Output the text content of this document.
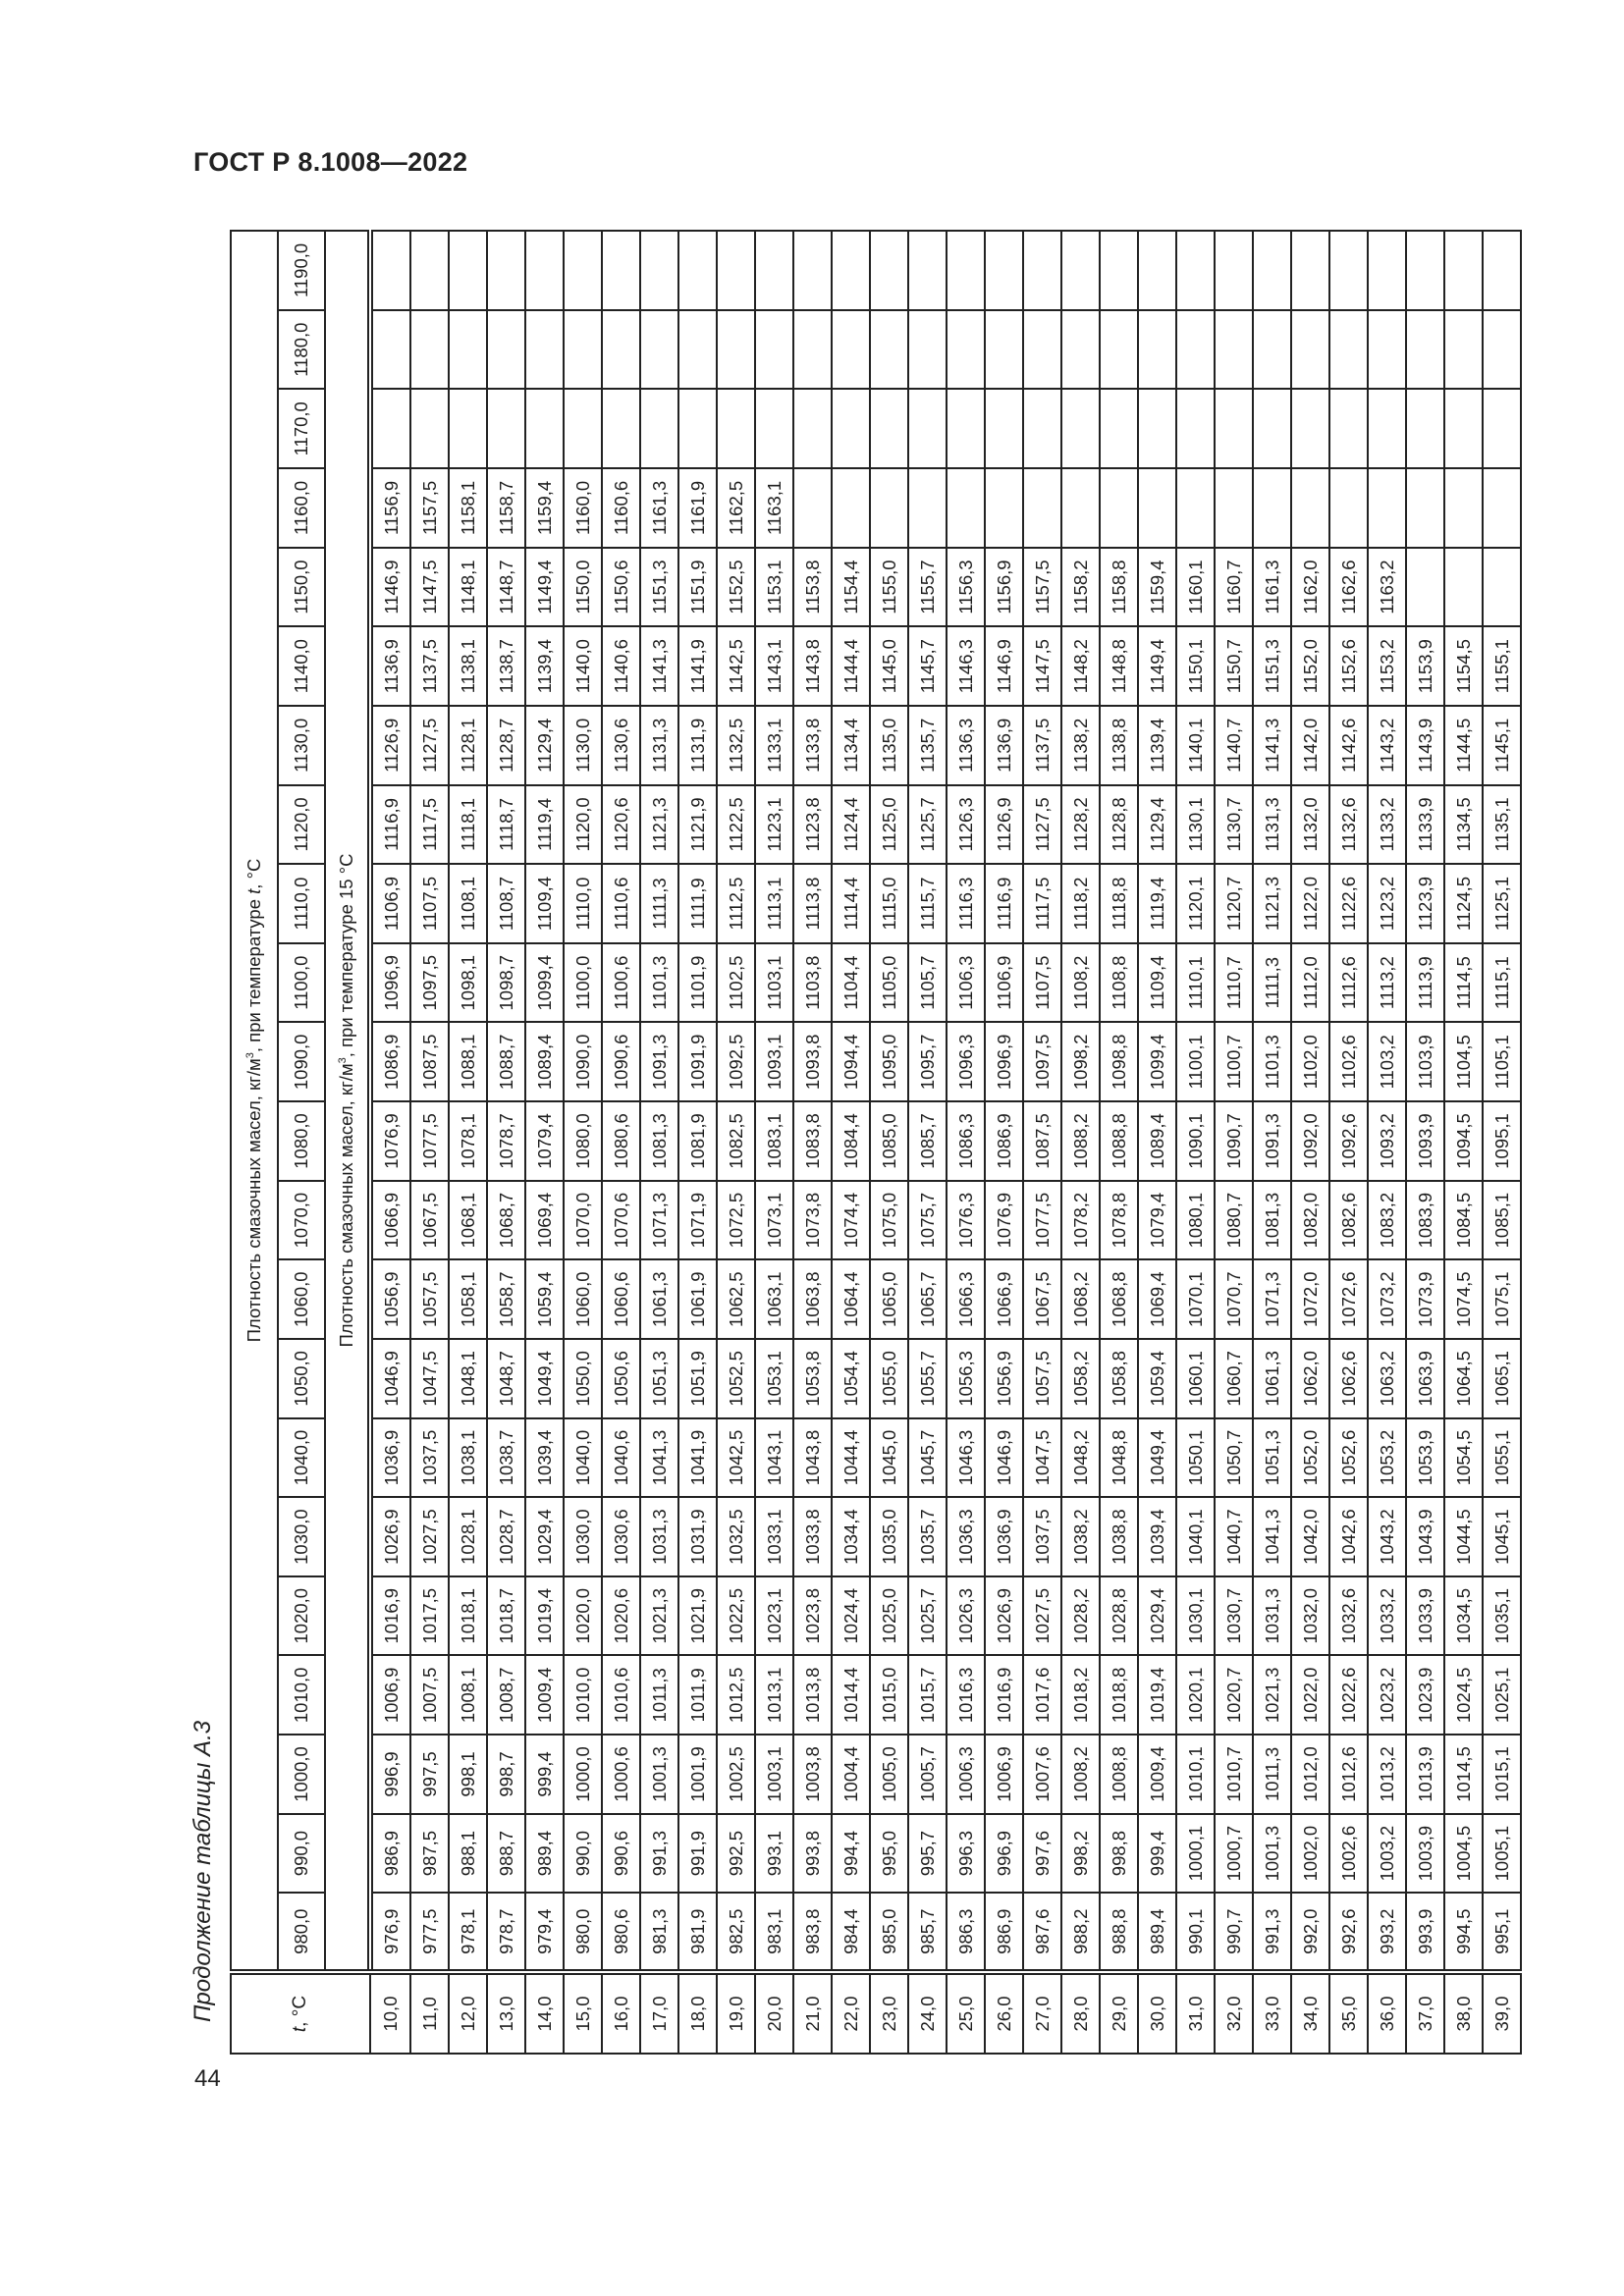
ГОСТ Р 8.1008—2022
Продолжение таблицы А.3
44
t, °C	Плотность смазочных масел, $кг/м^3$, при температуре t, °C																					
	980,0	990,0	1000,0	1010,0	1020,0	1030,0	1040,0	1050,0	1060,0	1070,0	1080,0	1090,0	1100,0	1110,0	1120,0	1130,0	1140,0	1150,0	1160,0	1170,0	1180,0	1190,0
	Плотность смазочных масел, $кг/м^3$, при температуре 15 °C																					
10,0	976,9	986,9	996,9	1006,9	1016,9	1026,9	1036,9	1046,9	1056,9	1066,9	1076,9	1086,9	1096,9	1106,9	1116,9	1126,9	1136,9	1146,9	1156,9			
11,0	977,5	987,5	997,5	1007,5	1017,5	1027,5	1037,5	1047,5	1057,5	1067,5	1077,5	1087,5	1097,5	1107,5	1117,5	1127,5	1137,5	1147,5	1157,5			
12,0	978,1	988,1	998,1	1008,1	1018,1	1028,1	1038,1	1048,1	1058,1	1068,1	1078,1	1088,1	1098,1	1108,1	1118,1	1128,1	1138,1	1148,1	1158,1			
13,0	978,7	988,7	998,7	1008,7	1018,7	1028,7	1038,7	1048,7	1058,7	1068,7	1078,7	1088,7	1098,7	1108,7	1118,7	1128,7	1138,7	1148,7	1158,7			
14,0	979,4	989,4	999,4	1009,4	1019,4	1029,4	1039,4	1049,4	1059,4	1069,4	1079,4	1089,4	1099,4	1109,4	1119,4	1129,4	1139,4	1149,4	1159,4			
15,0	980,0	990,0	1000,0	1010,0	1020,0	1030,0	1040,0	1050,0	1060,0	1070,0	1080,0	1090,0	1100,0	1110,0	1120,0	1130,0	1140,0	1150,0	1160,0			
16,0	980,6	990,6	1000,6	1010,6	1020,6	1030,6	1040,6	1050,6	1060,6	1070,6	1080,6	1090,6	1100,6	1110,6	1120,6	1130,6	1140,6	1150,6	1160,6			
17,0	981,3	991,3	1001,3	1011,3	1021,3	1031,3	1041,3	1051,3	1061,3	1071,3	1081,3	1091,3	1101,3	1111,3	1121,3	1131,3	1141,3	1151,3	1161,3			
18,0	981,9	991,9	1001,9	1011,9	1021,9	1031,9	1041,9	1051,9	1061,9	1071,9	1081,9	1091,9	1101,9	1111,9	1121,9	1131,9	1141,9	1151,9	1161,9			
19,0	982,5	992,5	1002,5	1012,5	1022,5	1032,5	1042,5	1052,5	1062,5	1072,5	1082,5	1092,5	1102,5	1112,5	1122,5	1132,5	1142,5	1152,5	1162,5			
20,0	983,1	993,1	1003,1	1013,1	1023,1	1033,1	1043,1	1053,1	1063,1	1073,1	1083,1	1093,1	1103,1	1113,1	1123,1	1133,1	1143,1	1153,1	1163,1			
21,0	983,8	993,8	1003,8	1013,8	1023,8	1033,8	1043,8	1053,8	1063,8	1073,8	1083,8	1093,8	1103,8	1113,8	1123,8	1133,8	1143,8	1153,8				
22,0	984,4	994,4	1004,4	1014,4	1024,4	1034,4	1044,4	1054,4	1064,4	1074,4	1084,4	1094,4	1104,4	1114,4	1124,4	1134,4	1144,4	1154,4				
23,0	985,0	995,0	1005,0	1015,0	1025,0	1035,0	1045,0	1055,0	1065,0	1075,0	1085,0	1095,0	1105,0	1115,0	1125,0	1135,0	1145,0	1155,0				
24,0	985,7	995,7	1005,7	1015,7	1025,7	1035,7	1045,7	1055,7	1065,7	1075,7	1085,7	1095,7	1105,7	1115,7	1125,7	1135,7	1145,7	1155,7				
25,0	986,3	996,3	1006,3	1016,3	1026,3	1036,3	1046,3	1056,3	1066,3	1076,3	1086,3	1096,3	1106,3	1116,3	1126,3	1136,3	1146,3	1156,3				
26,0	986,9	996,9	1006,9	1016,9	1026,9	1036,9	1046,9	1056,9	1066,9	1076,9	1086,9	1096,9	1106,9	1116,9	1126,9	1136,9	1146,9	1156,9				
27,0	987,6	997,6	1007,6	1017,6	1027,5	1037,5	1047,5	1057,5	1067,5	1077,5	1087,5	1097,5	1107,5	1117,5	1127,5	1137,5	1147,5	1157,5				
28,0	988,2	998,2	1008,2	1018,2	1028,2	1038,2	1048,2	1058,2	1068,2	1078,2	1088,2	1098,2	1108,2	1118,2	1128,2	1138,2	1148,2	1158,2				
29,0	988,8	998,8	1008,8	1018,8	1028,8	1038,8	1048,8	1058,8	1068,8	1078,8	1088,8	1098,8	1108,8	1118,8	1128,8	1138,8	1148,8	1158,8				
30,0	989,4	999,4	1009,4	1019,4	1029,4	1039,4	1049,4	1059,4	1069,4	1079,4	1089,4	1099,4	1109,4	1119,4	1129,4	1139,4	1149,4	1159,4				
31,0	990,1	1000,1	1010,1	1020,1	1030,1	1040,1	1050,1	1060,1	1070,1	1080,1	1090,1	1100,1	1110,1	1120,1	1130,1	1140,1	1150,1	1160,1				
32,0	990,7	1000,7	1010,7	1020,7	1030,7	1040,7	1050,7	1060,7	1070,7	1080,7	1090,7	1100,7	1110,7	1120,7	1130,7	1140,7	1150,7	1160,7				
33,0	991,3	1001,3	1011,3	1021,3	1031,3	1041,3	1051,3	1061,3	1071,3	1081,3	1091,3	1101,3	1111,3	1121,3	1131,3	1141,3	1151,3	1161,3				
34,0	992,0	1002,0	1012,0	1022,0	1032,0	1042,0	1052,0	1062,0	1072,0	1082,0	1092,0	1102,0	1112,0	1122,0	1132,0	1142,0	1152,0	1162,0				
35,0	992,6	1002,6	1012,6	1022,6	1032,6	1042,6	1052,6	1062,6	1072,6	1082,6	1092,6	1102,6	1112,6	1122,6	1132,6	1142,6	1152,6	1162,6				
36,0	993,2	1003,2	1013,2	1023,2	1033,2	1043,2	1053,2	1063,2	1073,2	1083,2	1093,2	1103,2	1113,2	1123,2	1133,2	1143,2	1153,2	1163,2				
37,0	993,9	1003,9	1013,9	1023,9	1033,9	1043,9	1053,9	1063,9	1073,9	1083,9	1093,9	1103,9	1113,9	1123,9	1133,9	1143,9	1153,9					
38,0	994,5	1004,5	1014,5	1024,5	1034,5	1044,5	1054,5	1064,5	1074,5	1084,5	1094,5	1104,5	1114,5	1124,5	1134,5	1144,5	1154,5					
39,0	995,1	1005,1	1015,1	1025,1	1035,1	1045,1	1055,1	1065,1	1075,1	1085,1	1095,1	1105,1	1115,1	1125,1	1135,1	1145,1	1155,1					
